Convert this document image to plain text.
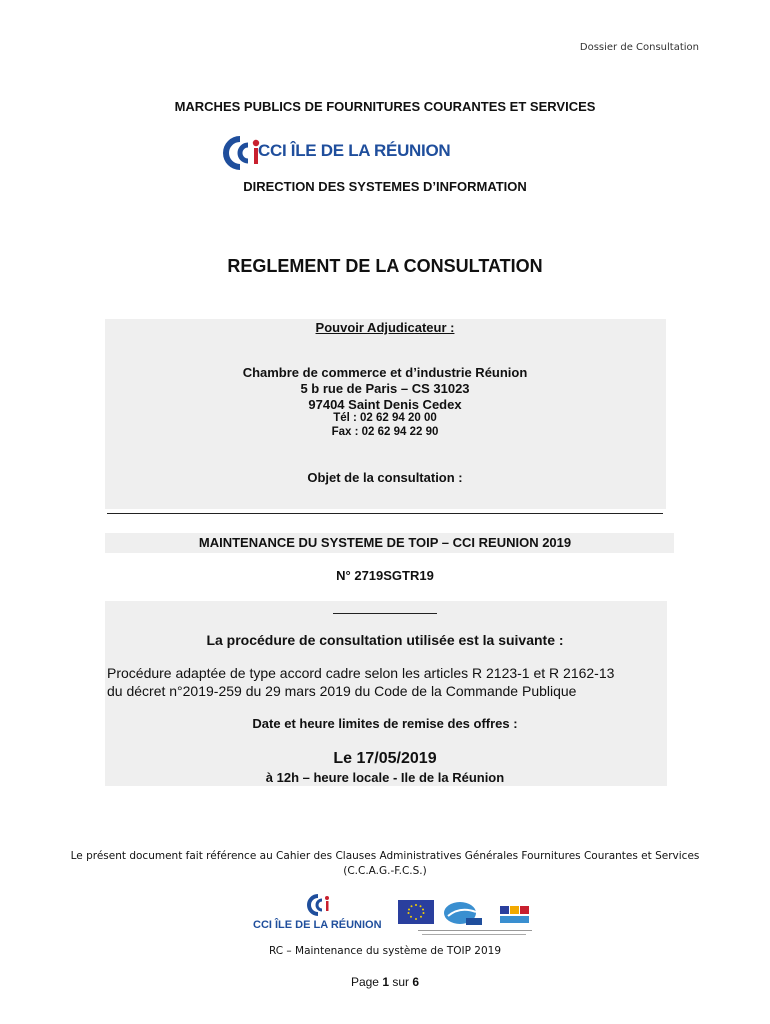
Dossier de Consultation
MARCHES PUBLICS DE FOURNITURES COURANTES ET SERVICES
CCI ÎLE DE LA RÉUNION
DIRECTION DES SYSTEMES D’INFORMATION
REGLEMENT DE LA CONSULTATION
Pouvoir Adjudicateur :
Chambre de commerce et d’industrie Réunion
5 b rue de Paris – CS 31023
97404 Saint Denis Cedex
Tél : 02 62 94 20 00
Fax : 02 62 94 22 90
Objet de la consultation :
MAINTENANCE DU SYSTEME DE TOIP – CCI REUNION 2019
N° 2719SGTR19
La procédure de consultation utilisée est la suivante :
Procédure adaptée de type accord cadre selon les articles R 2123-1 et R 2162-13
du décret n°2019-259 du 29 mars 2019 du Code de la Commande Publique
Date et heure limites de remise des offres :
Le 17/05/2019
à 12h – heure locale - Ile de la Réunion
Le présent document fait référence au Cahier des Clauses Administratives Générales Fournitures Courantes et Services
(C.C.A.G.-F.C.S.)
CCI ÎLE DE LA RÉUNION
RC – Maintenance du système de TOIP 2019
Page 1 sur 6
